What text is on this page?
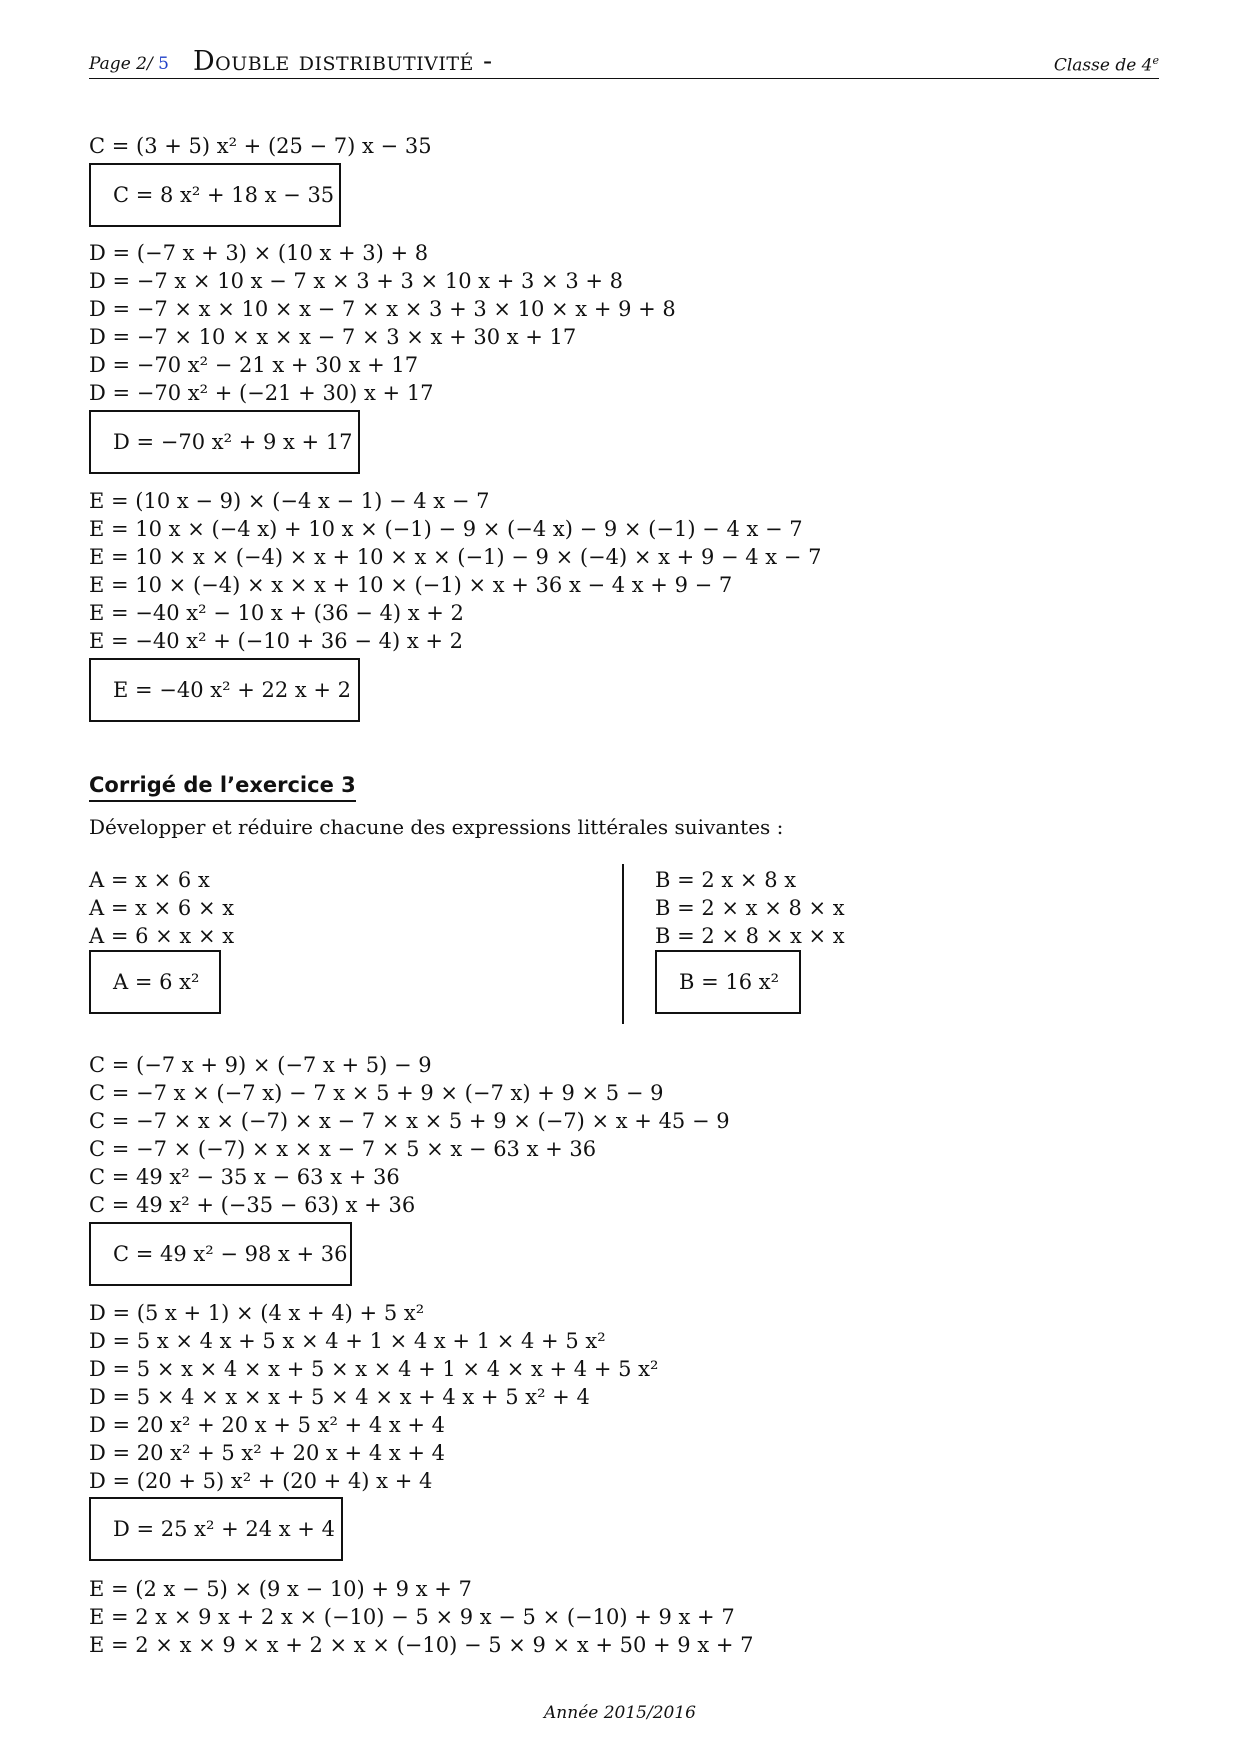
Page 2/ 5 Double distributivité -	Classe de 4e
C = (3 + 5) x² + (25 − 7) x − 35
C = 8 x² + 18 x − 35
D = (−7 x + 3) × (10 x + 3) + 8
D = −7 x × 10 x − 7 x × 3 + 3 × 10 x + 3 × 3 + 8
D = −7 × x × 10 × x − 7 × x × 3 + 3 × 10 × x + 9 + 8
D = −7 × 10 × x × x − 7 × 3 × x + 30 x + 17
D = −70 x² − 21 x + 30 x + 17
D = −70 x² + (−21 + 30) x + 17
D = −70 x² + 9 x + 17
E = (10 x − 9) × (−4 x − 1) − 4 x − 7
E = 10 x × (−4 x) + 10 x × (−1) − 9 × (−4 x) − 9 × (−1) − 4 x − 7
E = 10 × x × (−4) × x + 10 × x × (−1) − 9 × (−4) × x + 9 − 4 x − 7
E = 10 × (−4) × x × x + 10 × (−1) × x + 36 x − 4 x + 9 − 7
E = −40 x² − 10 x + (36 − 4) x + 2
E = −40 x² + (−10 + 36 − 4) x + 2
E = −40 x² + 22 x + 2
Corrigé de l’exercice 3
Développer et réduire chacune des expressions littérales suivantes :
A = x × 6 x
A = x × 6 × x
A = 6 × x × x
A = 6 x²
B = 2 x × 8 x
B = 2 × x × 8 × x
B = 2 × 8 × x × x
B = 16 x²
C = (−7 x + 9) × (−7 x + 5) − 9
C = −7 x × (−7 x) − 7 x × 5 + 9 × (−7 x) + 9 × 5 − 9
C = −7 × x × (−7) × x − 7 × x × 5 + 9 × (−7) × x + 45 − 9
C = −7 × (−7) × x × x − 7 × 5 × x − 63 x + 36
C = 49 x² − 35 x − 63 x + 36
C = 49 x² + (−35 − 63) x + 36
C = 49 x² − 98 x + 36
D = (5 x + 1) × (4 x + 4) + 5 x²
D = 5 x × 4 x + 5 x × 4 + 1 × 4 x + 1 × 4 + 5 x²
D = 5 × x × 4 × x + 5 × x × 4 + 1 × 4 × x + 4 + 5 x²
D = 5 × 4 × x × x + 5 × 4 × x + 4 x + 5 x² + 4
D = 20 x² + 20 x + 5 x² + 4 x + 4
D = 20 x² + 5 x² + 20 x + 4 x + 4
D = (20 + 5) x² + (20 + 4) x + 4
D = 25 x² + 24 x + 4
E = (2 x − 5) × (9 x − 10) + 9 x + 7
E = 2 x × 9 x + 2 x × (−10) − 5 × 9 x − 5 × (−10) + 9 x + 7
E = 2 × x × 9 × x + 2 × x × (−10) − 5 × 9 × x + 50 + 9 x + 7
Année 2015/2016
